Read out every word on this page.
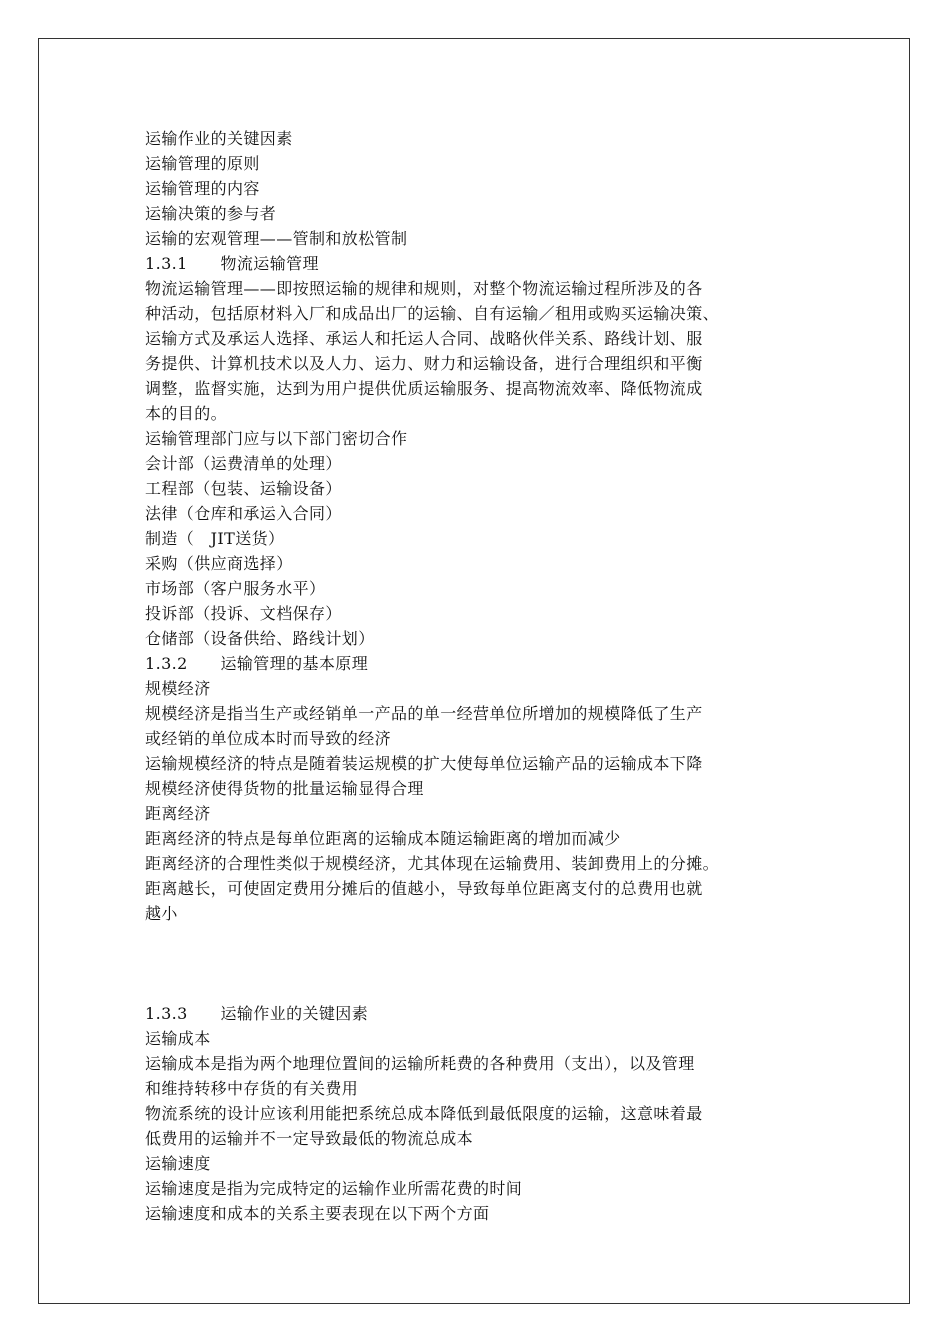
运输作业的关键因素
运输管理的原则
运输管理的内容
运输决策的参与者
运输的宏观管理——管制和放松管制
1.3.1　　物流运输管理
物流运输管理——即按照运输的规律和规则，对整个物流运输过程所涉及的各
种活动，包括原材料入厂和成品出厂的运输、自有运输／租用或购买运输决策、
运输方式及承运人选择、承运人和托运人合同、战略伙伴关系、路线计划、服
务提供、计算机技术以及人力、运力、财力和运输设备，进行合理组织和平衡
调整，监督实施，达到为用户提供优质运输服务、提高物流效率、降低物流成
本的目的。
运输管理部门应与以下部门密切合作
会计部（运费清单的处理）
工程部（包装、运输设备）
法律（仓库和承运入合同）
制造（　JIT送货）
采购（供应商选择）
市场部（客户服务水平）
投诉部（投诉、文档保存）
仓储部（设备供给、路线计划）
1.3.2　　运输管理的基本原理
规模经济
规模经济是指当生产或经销单一产品的单一经营单位所增加的规模降低了生产
或经销的单位成本时而导致的经济
运输规模经济的特点是随着装运规模的扩大使每单位运输产品的运输成本下降
规模经济使得货物的批量运输显得合理
距离经济
距离经济的特点是每单位距离的运输成本随运输距离的增加而减少
距离经济的合理性类似于规模经济，尤其体现在运输费用、装卸费用上的分摊。
距离越长，可使固定费用分摊后的值越小，导致每单位距离支付的总费用也就
越小
1.3.3　　运输作业的关键因素
运输成本
运输成本是指为两个地理位置间的运输所耗费的各种费用（支出），以及管理
和维持转移中存货的有关费用
物流系统的设计应该利用能把系统总成本降低到最低限度的运输，这意味着最
低费用的运输并不一定导致最低的物流总成本
运输速度
运输速度是指为完成特定的运输作业所需花费的时间
运输速度和成本的关系主要表现在以下两个方面
